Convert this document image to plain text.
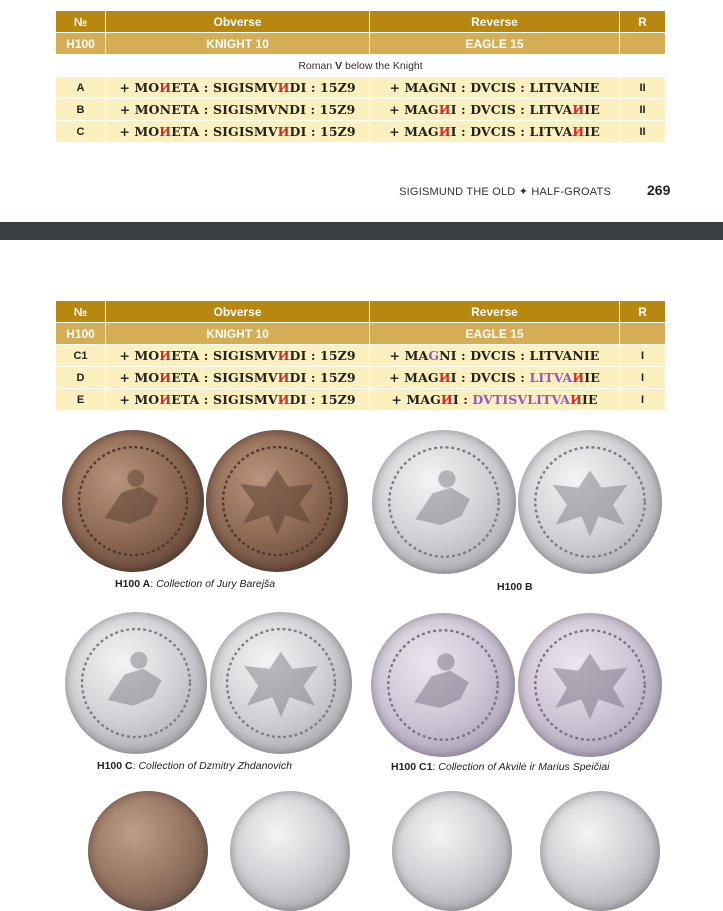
№	Obverse	Reverse	R
H100	KNIGHT 10	EAGLE 15	
Roman V below the Knight			
A	+ MOИETA : SIGISMVИDI : 15Z9	+ MAGNI : DVCIS : LITVANIE	II
B	+ MONETA : SIGISMVNDI : 15Z9	+ MAGИI : DVCIS : LITVAИIE	II
C	+ MOИETA : SIGISMVИDI : 15Z9	+ MAGИI : DVCIS : LITVAИIE	II
SIGISMUND THE OLD ✦ HALF-GROATS	269
№	Obverse	Reverse	R
H100	KNIGHT 10	EAGLE 15	
C1	+ MOИETA : SIGISMVИDI : 15Z9	+ MAGNI : DVCIS : LITVANIE	I
D	+ MOИETA : SIGISMVИDI : 15Z9	+ MAGИI : DVCIS : LITVAИIE	I
E	+ MOИETA : SIGISMVИDI : 15Z9	+ MAGИI : DVTISVLITVAИIE	I
H100 A: Collection of Jury Barejša	H100 B
H100 C: Collection of Dzmitry Zhdanovich	H100 C1: Collection of Akvilė ir Marius Speičiai
